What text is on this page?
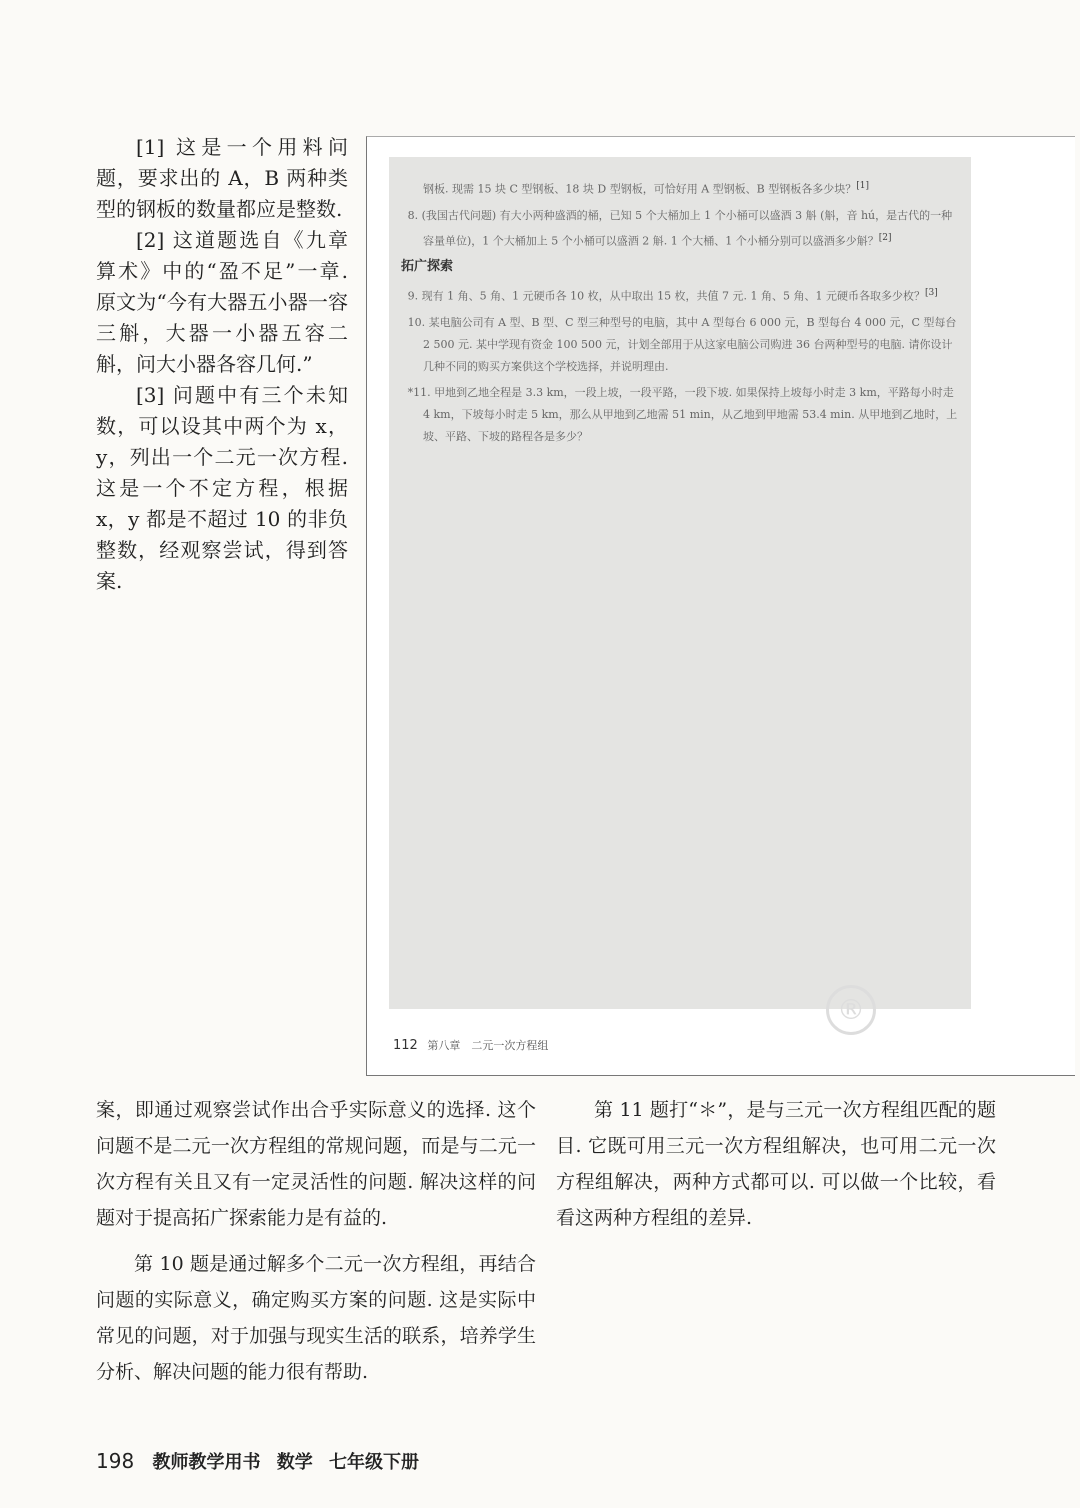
[1] 这是一个用料问题，要求出的 A，B 两种类型的钢板的数量都应是整数.

[2] 这道题选自《九章算术》中的“盈不足”一章. 原文为“今有大器五小器一容三斛，大器一小器五容二斛，问大小器各容几何.”

[3] 问题中有三个未知数，可以设其中两个为 x，y，列出一个二元一次方程. 这是一个不定方程，根据 x，y 都是不超过 10 的非负整数，经观察尝试，得到答案.

钢板. 现需 15 块 C 型钢板、18 块 D 型钢板，可恰好用 A 型钢板、B 型钢板各多少块？[1]

8. (我国古代问题) 有大小两种盛酒的桶，已知 5 个大桶加上 1 个小桶可以盛酒 3 斛 (斛，音 hú，是古代的一种容量单位)，1 个大桶加上 5 个小桶可以盛酒 2 斛. 1 个大桶、1 个小桶分别可以盛酒多少斛？[2]

拓广探索

9. 现有 1 角、5 角、1 元硬币各 10 枚，从中取出 15 枚，共值 7 元. 1 角、5 角、1 元硬币各取多少枚？[3]

10. 某电脑公司有 A 型、B 型、C 型三种型号的电脑，其中 A 型每台 6 000 元，B 型每台 4 000 元，C 型每台 2 500 元. 某中学现有资金 100 500 元，计划全部用于从这家电脑公司购进 36 台两种型号的电脑. 请你设计几种不同的购买方案供这个学校选择，并说明理由.

*11. 甲地到乙地全程是 3.3 km，一段上坡，一段平路，一段下坡. 如果保持上坡每小时走 3 km，平路每小时走 4 km，下坡每小时走 5 km，那么从甲地到乙地需 51 min，从乙地到甲地需 53.4 min. 从甲地到乙地时，上坡、平路、下坡的路程各是多少？

112 第八章　二元一次方程组
®

案，即通过观察尝试作出合乎实际意义的选择. 这个问题不是二元一次方程组的常规问题，而是与二元一次方程有关且又有一定灵活性的问题. 解决这样的问题对于提高拓广探索能力是有益的.

第 10 题是通过解多个二元一次方程组，再结合问题的实际意义，确定购买方案的问题. 这是实际中常见的问题，对于加强与现实生活的联系，培养学生分析、解决问题的能力很有帮助.

第 11 题打“＊”，是与三元一次方程组匹配的题目. 它既可用三元一次方程组解决，也可用二元一次方程组解决，两种方式都可以. 可以做一个比较，看看这两种方程组的差异.

198 教师教学用书 数学 七年级下册
